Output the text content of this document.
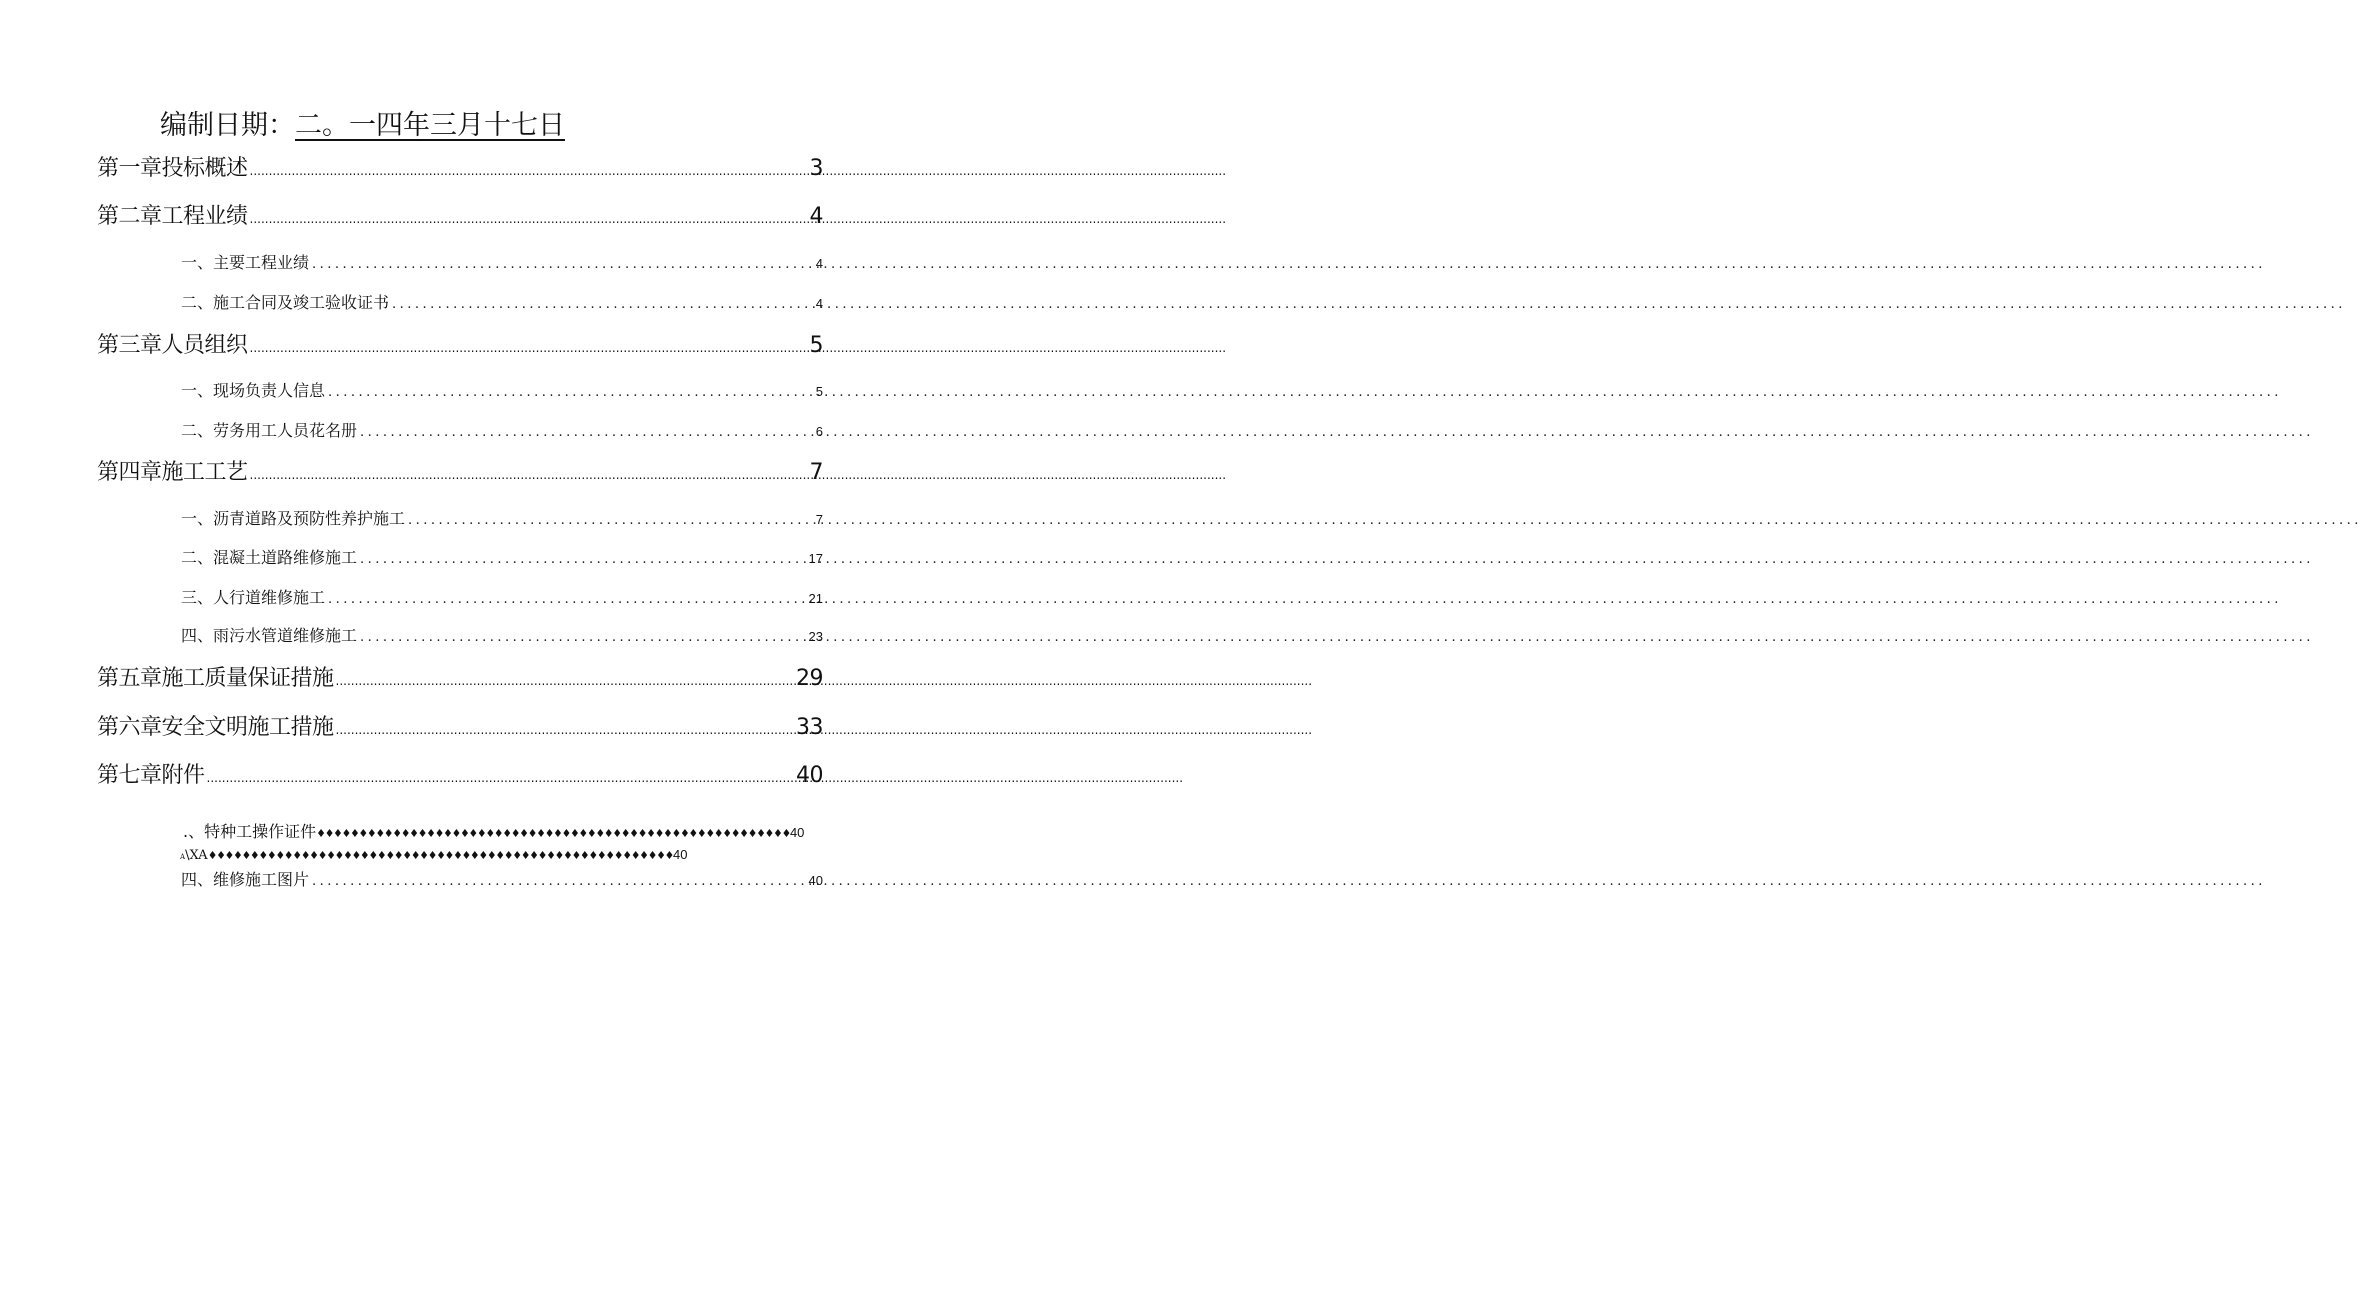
编制日期：二。一四年三月十七日
第一章投标概述 .....	3
第二章工程业绩 .....	4
一、主要工程业绩 .....	4
二、施工合同及竣工验收证书 .....	4
第三章人员组织 .....	5
一、现场负责人信息 .....	5
二、劳务用工人员花名册 .....	6
第四章施工工艺 .....	7
一、沥青道路及预防性养护施工 .....	7
二、混凝土道路维修施工 .....	17
三、人行道维修施工 .....	21
四、雨污水管道维修施工 .....	23
第五章施工质量保证措施 .....	29
第六章安全文明施工措施 .....	33
第七章附件 .....	40
.、特种工操作证件♦♦♦♦♦♦♦♦♦♦♦♦♦♦♦♦♦♦♦♦♦♦♦♦♦♦♦♦♦♦♦♦♦♦♦♦♦♦♦♦♦♦♦♦♦♦♦♦♦♦♦♦♦♦♦♦40
A\XA♦♦♦♦♦♦♦♦♦♦♦♦♦♦♦♦♦♦♦♦♦♦♦♦♦♦♦♦♦♦♦♦♦♦♦♦♦♦♦♦♦♦♦♦♦♦♦♦♦♦♦♦♦♦♦40
四、维修施工图片 .....	40
